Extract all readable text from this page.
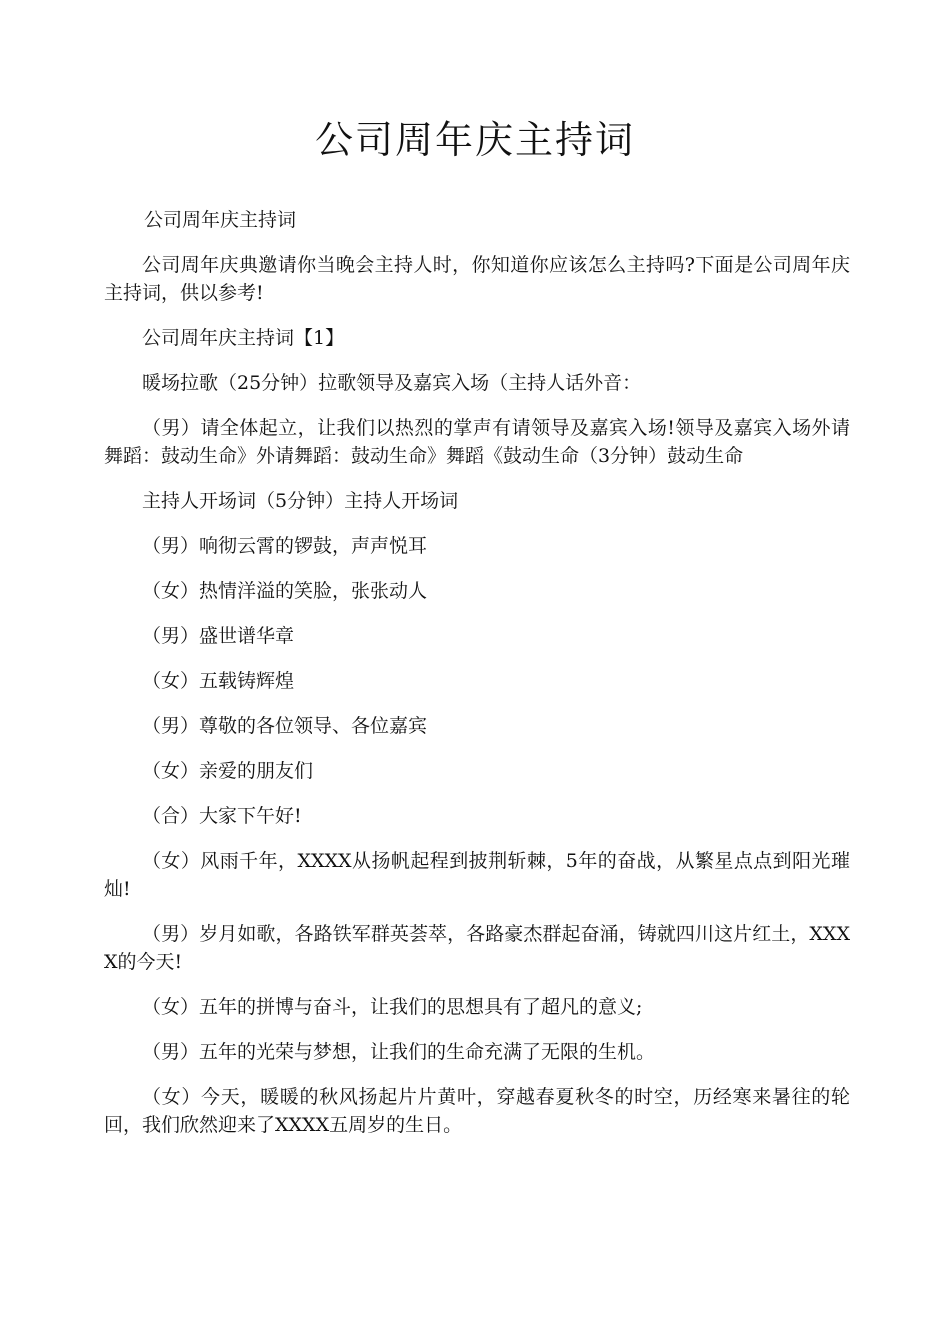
公司周年庆主持词

公司周年庆主持词

公司周年庆典邀请你当晚会主持人时，你知道你应该怎么主持吗?下面是公司周年庆主持词，供以参考!

公司周年庆主持词【1】

暖场拉歌（25分钟）拉歌领导及嘉宾入场（主持人话外音：

（男）请全体起立，让我们以热烈的掌声有请领导及嘉宾入场!领导及嘉宾入场外请舞蹈：鼓动生命》外请舞蹈：鼓动生命》舞蹈《鼓动生命（3分钟）鼓动生命

主持人开场词（5分钟）主持人开场词

（男）响彻云霄的锣鼓，声声悦耳

（女）热情洋溢的笑脸，张张动人

（男）盛世谱华章

（女）五载铸辉煌

（男）尊敬的各位领导、各位嘉宾

（女）亲爱的朋友们

（合）大家下午好!

（女）风雨千年，XXXX从扬帆起程到披荆斩棘，5年的奋战，从繁星点点到阳光璀灿!

（男）岁月如歌，各路铁军群英荟萃，各路豪杰群起奋涌，铸就四川这片红土，XXXX的今天!

（女）五年的拼博与奋斗，让我们的思想具有了超凡的意义;

（男）五年的光荣与梦想，让我们的生命充满了无限的生机。

（女）今天，暖暖的秋风扬起片片黄叶，穿越春夏秋冬的时空，历经寒来暑往的轮回，我们欣然迎来了XXXX五周岁的生日。
